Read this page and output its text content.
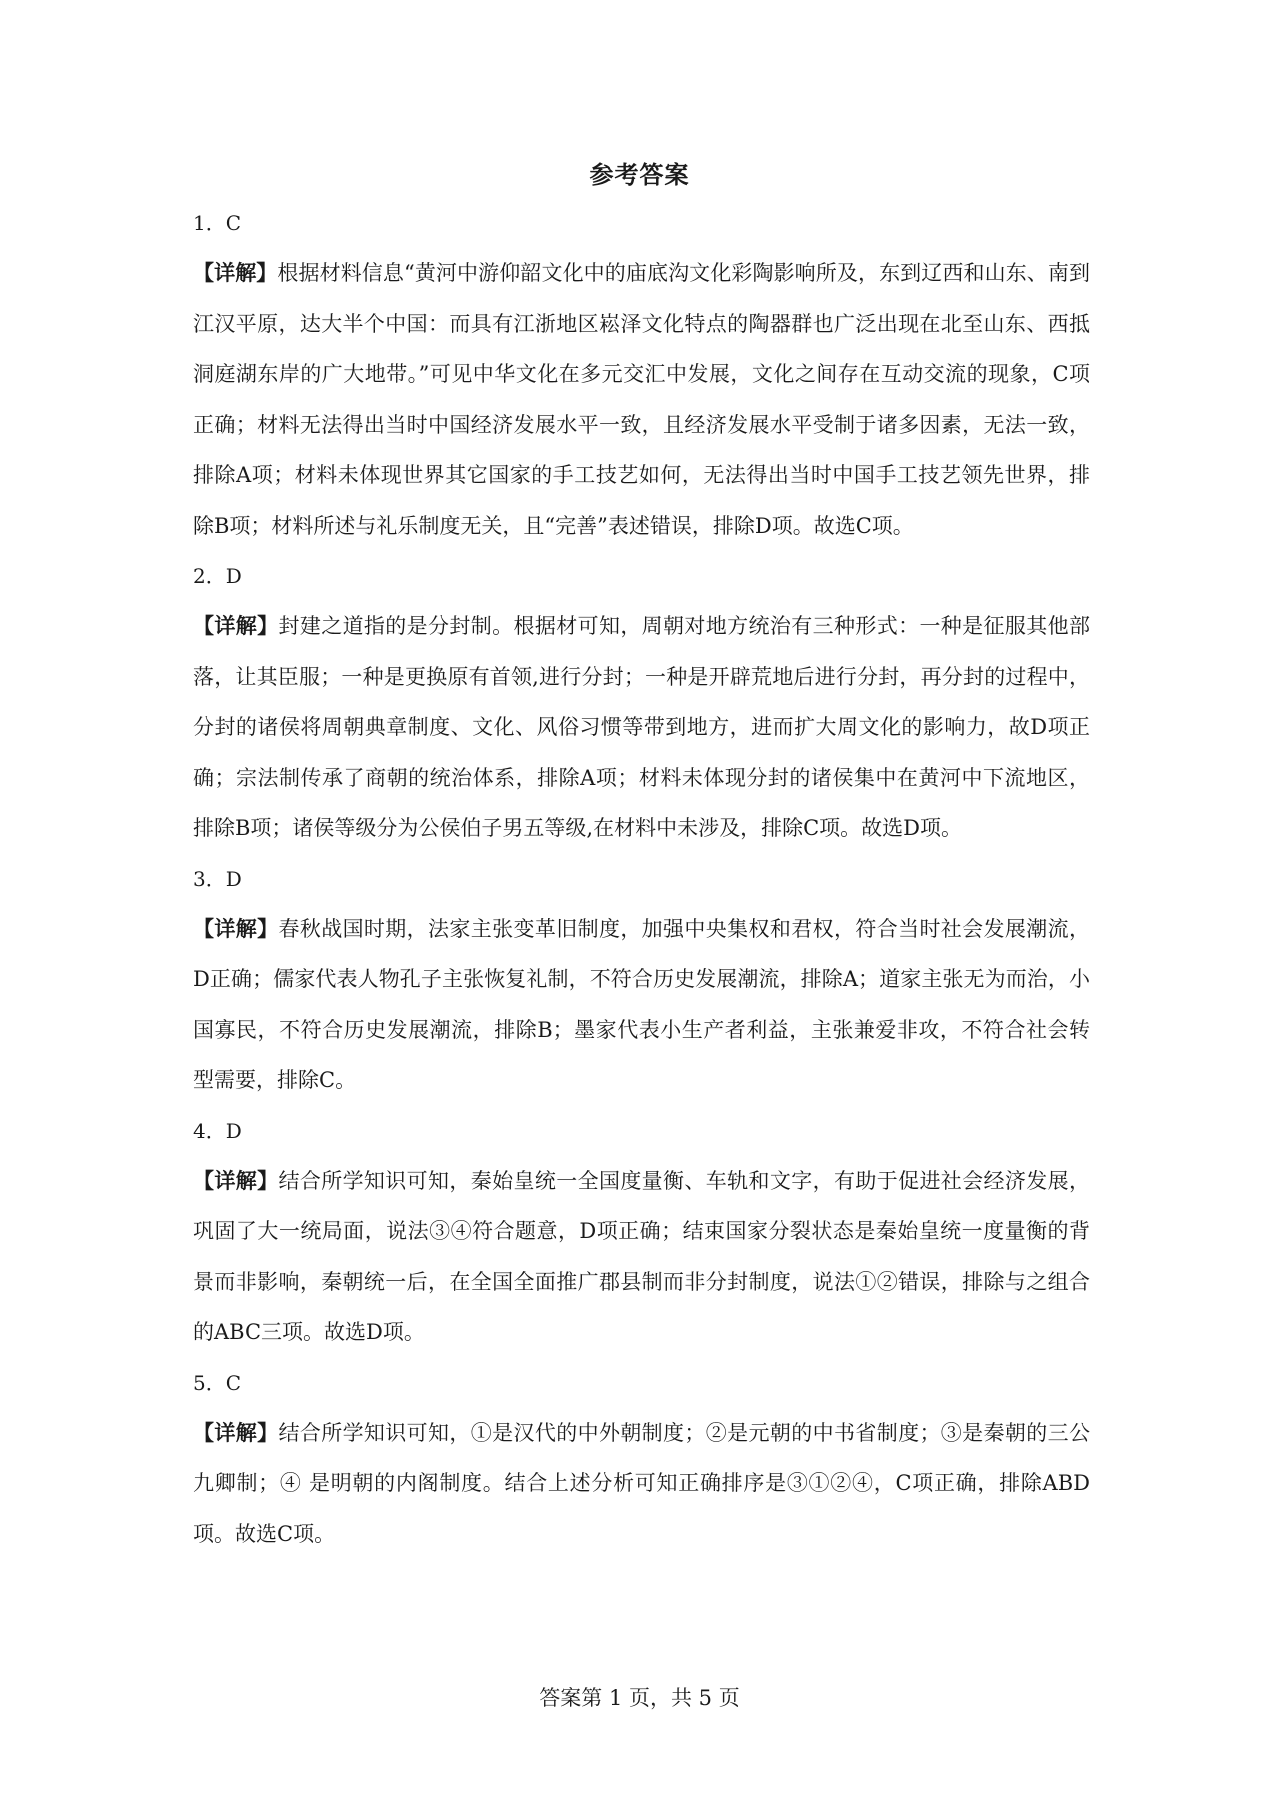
参考答案
1．C
【详解】根据材料信息“黄河中游仰韶文化中的庙底沟文化彩陶影响所及，东到辽西和山东、南到江汉平原，达大半个中国：而具有江浙地区崧泽文化特点的陶器群也广泛出现在北至山东、西抵洞庭湖东岸的广大地带。”可见中华文化在多元交汇中发展，文化之间存在互动交流的现象，C项正确；材料无法得出当时中国经济发展水平一致，且经济发展水平受制于诸多因素，无法一致，排除A项；材料未体现世界其它国家的手工技艺如何，无法得出当时中国手工技艺领先世界，排除B项；材料所述与礼乐制度无关，且“完善”表述错误，排除D项。故选C项。
2．D
【详解】封建之道指的是分封制。根据材可知，周朝对地方统治有三种形式：一种是征服其他部落，让其臣服；一种是更换原有首领,进行分封；一种是开辟荒地后进行分封，再分封的过程中，分封的诸侯将周朝典章制度、文化、风俗习惯等带到地方，进而扩大周文化的影响力，故D项正确；宗法制传承了商朝的统治体系，排除A项；材料未体现分封的诸侯集中在黄河中下流地区，排除B项；诸侯等级分为公侯伯子男五等级,在材料中未涉及，排除C项。故选D项。
3．D
【详解】春秋战国时期，法家主张变革旧制度，加强中央集权和君权，符合当时社会发展潮流，D正确；儒家代表人物孔子主张恢复礼制，不符合历史发展潮流，排除A；道家主张无为而治，小国寡民，不符合历史发展潮流，排除B；墨家代表小生产者利益，主张兼爱非攻，不符合社会转型需要，排除C。
4．D
【详解】结合所学知识可知，秦始皇统一全国度量衡、车轨和文字，有助于促进社会经济发展，巩固了大一统局面，说法③④符合题意，D项正确；结束国家分裂状态是秦始皇统一度量衡的背景而非影响，秦朝统一后，在全国全面推广郡县制而非分封制度，说法①②错误，排除与之组合的ABC三项。故选D项。
5．C
【详解】结合所学知识可知，①是汉代的中外朝制度；②是元朝的中书省制度；③是秦朝的三公九卿制；④ 是明朝的内阁制度。结合上述分析可知正确排序是③①②④，C项正确，排除ABD项。故选C项。
答案第 1 页，共 5 页
